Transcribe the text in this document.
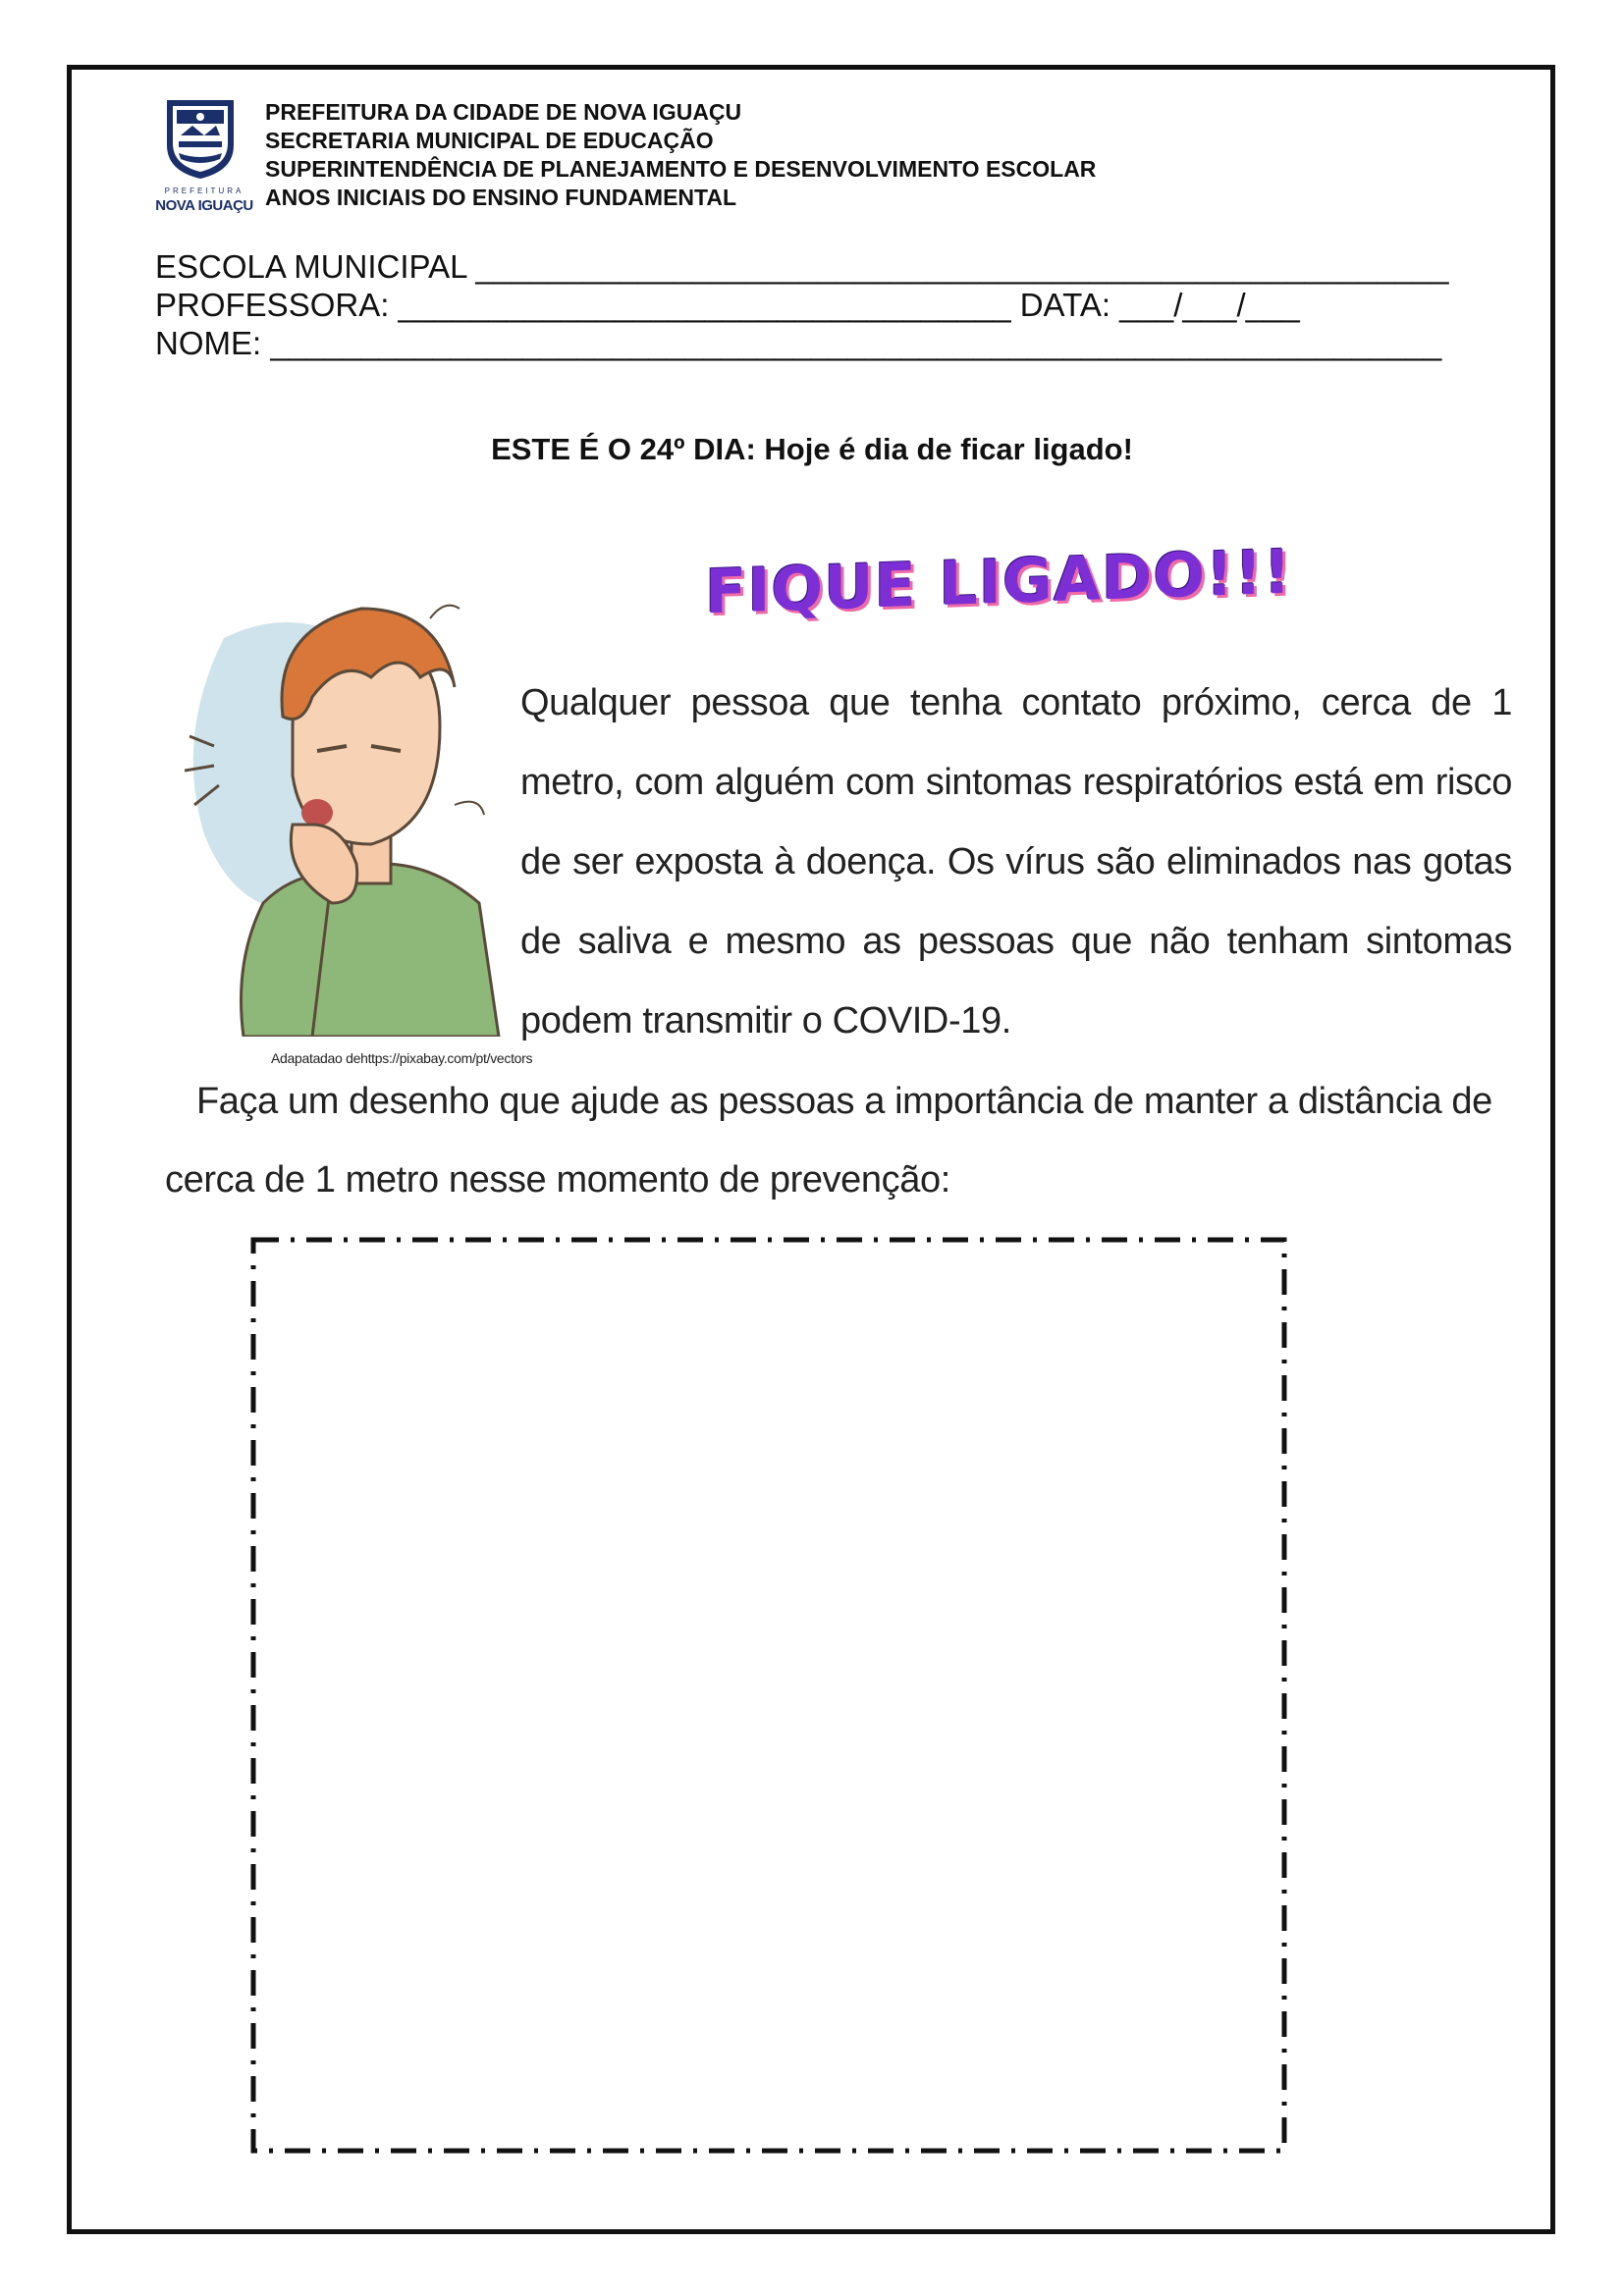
PREFEITURA
NOVA IGUAÇU
PREFEITURA DA CIDADE DE NOVA IGUAÇU
SECRETARIA MUNICIPAL DE EDUCAÇÃO
SUPERINTENDÊNCIA DE PLANEJAMENTO E DESENVOLVIMENTO ESCOLAR
ANOS INICIAIS DO ENSINO FUNDAMENTAL
ESCOLA MUNICIPAL ______________________________________________________
PROFESSORA: __________________________________ DATA: ___/___/___
NOME: _________________________________________________________________
ESTE É O 24º DIA: Hoje é dia de ficar ligado!
FIQUE LIGADO!!!
Adapatadao dehttps://pixabay.com/pt/vectors
Qualquer pessoa que tenha contato próximo, cerca de 1 metro, com alguém com sintomas respiratórios está em risco de ser exposta à doença. Os vírus são eliminados nas gotas de saliva e mesmo as pessoas que não tenham sintomas podem transmitir o COVID-19.
Faça um desenho que ajude as pessoas a importância de manter a distância de cerca de 1 metro nesse momento de prevenção:
